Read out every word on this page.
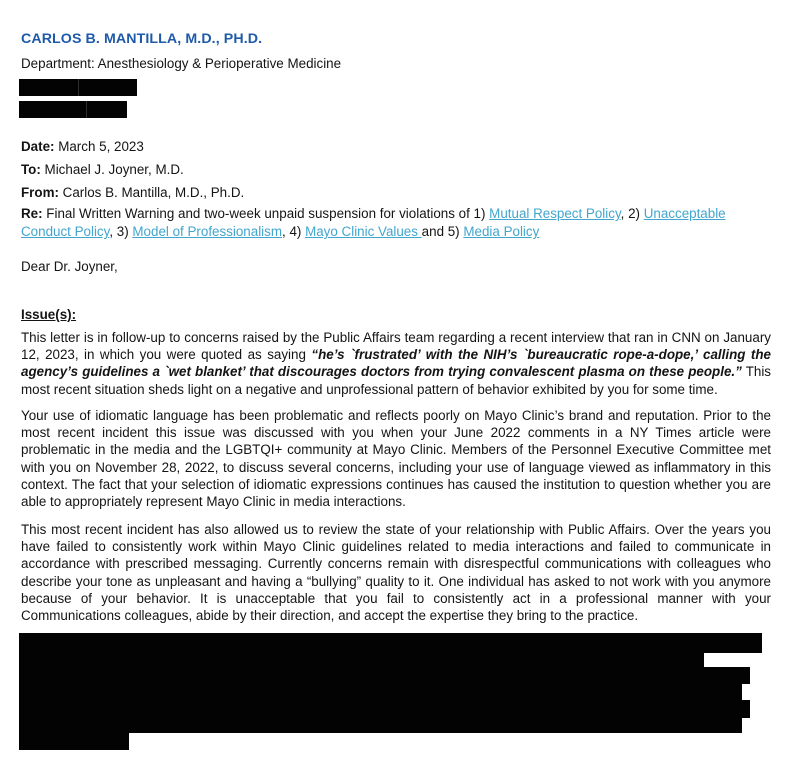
CARLOS B. MANTILLA, M.D., PH.D.
Department: Anesthesiology & Perioperative Medicine
Date: March 5, 2023
To: Michael J. Joyner, M.D.
From: Carlos B. Mantilla, M.D., Ph.D.
Re: Final Written Warning and two-week unpaid suspension for violations of 1) Mutual Respect Policy, 2) Unacceptable Conduct Policy, 3) Model of Professionalism, 4) Mayo Clinic Values and 5) Media Policy
Dear Dr. Joyner,
Issue(s):

This letter is in follow-up to concerns raised by the Public Affairs team regarding a recent interview that ran in CNN on January 12, 2023, in which you were quoted as saying “he’s `frustrated’ with the NIH’s `bureaucratic rope-a-dope,’ calling the agency’s guidelines a `wet blanket’ that discourages doctors from trying convalescent plasma on these people.” This most recent situation sheds light on a negative and unprofessional pattern of behavior exhibited by you for some time.

Your use of idiomatic language has been problematic and reflects poorly on Mayo Clinic’s brand and reputation. Prior to the most recent incident this issue was discussed with you when your June 2022 comments in a NY Times article were problematic in the media and the LGBTQI+ community at Mayo Clinic. Members of the Personnel Executive Committee met with you on November 28, 2022, to discuss several concerns, including your use of language viewed as inflammatory in this context. The fact that your selection of idiomatic expressions continues has caused the institution to question whether you are able to appropriately represent Mayo Clinic in media interactions.

This most recent incident has also allowed us to review the state of your relationship with Public Affairs. Over the years you have failed to consistently work within Mayo Clinic guidelines related to media interactions and failed to communicate in accordance with prescribed messaging. Currently concerns remain with disrespectful communications with colleagues who describe your tone as unpleasant and having a “bullying” quality to it. One individual has asked to not work with you anymore because of your behavior. It is unacceptable that you fail to consistently act in a professional manner with your Communications colleagues, abide by their direction, and accept the expertise they bring to the practice.
